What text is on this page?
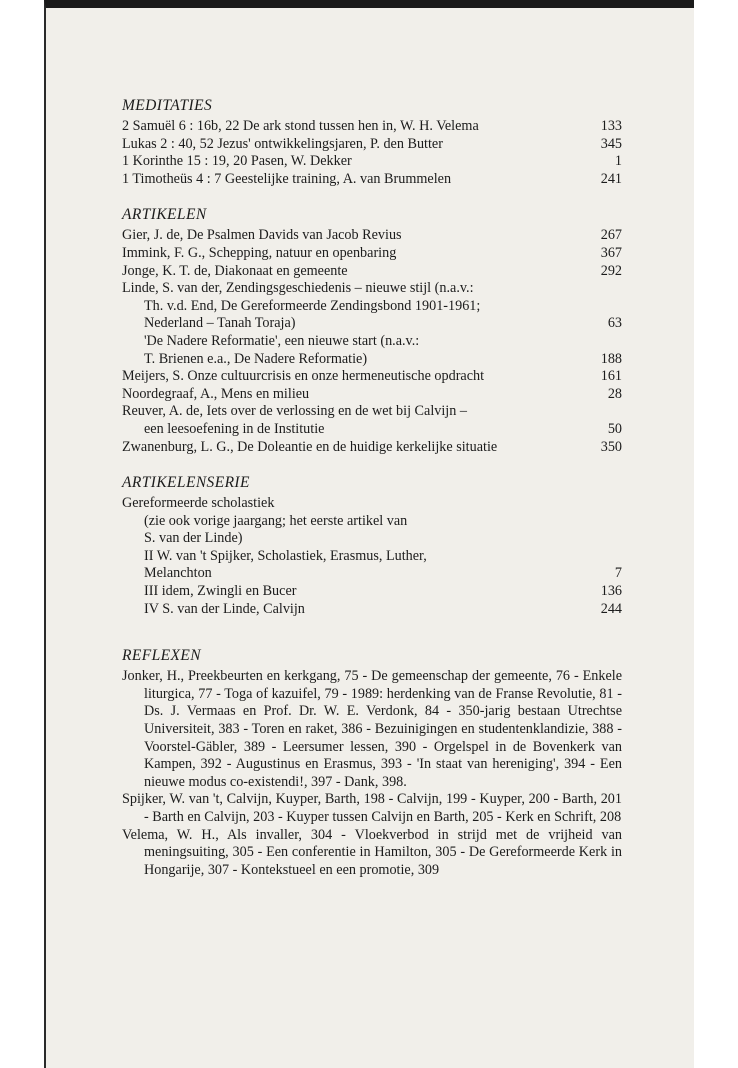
MEDITATIES

2 Samuël 6 : 16b, 22 De ark stond tussen hen in, W. H. Velema	133
Lukas 2 : 40, 52 Jezus' ontwikkelingsjaren, P. den Butter	345
1 Korinthe 15 : 19, 20 Pasen, W. Dekker	1
1 Timotheüs 4 : 7 Geestelijke training, A. van Brummelen	241

ARTIKELEN

Gier, J. de, De Psalmen Davids van Jacob Revius	267
Immink, F. G., Schepping, natuur en openbaring	367
Jonge, K. T. de, Diakonaat en gemeente	292
Linde, S. van der, Zendingsgeschiedenis – nieuwe stijl (n.a.v.:
Th. v.d. End, De Gereformeerde Zendingsbond 1901-1961;
Nederland – Tanah Toraja)	63
'De Nadere Reformatie', een nieuwe start (n.a.v.:
T. Brienen e.a., De Nadere Reformatie)	188
Meijers, S. Onze cultuurcrisis en onze hermeneutische opdracht	161
Noordegraaf, A., Mens en milieu	28
Reuver, A. de, Iets over de verlossing en de wet bij Calvijn –
een leesoefening in de Institutie	50
Zwanenburg, L. G., De Doleantie en de huidige kerkelijke situatie	350

ARTIKELENSERIE

Gereformeerde scholastiek
(zie ook vorige jaargang; het eerste artikel van
S. van der Linde)
II W. van 't Spijker, Scholastiek, Erasmus, Luther,
Melanchton	7
III idem, Zwingli en Bucer	136
IV S. van der Linde, Calvijn	244

REFLEXEN

Jonker, H., Preekbeurten en kerkgang, 75 - De gemeenschap der gemeente, 76 - Enkele liturgica, 77 - Toga of kazuifel, 79 - 1989: herdenking van de Franse Revolutie, 81 - Ds. J. Vermaas en Prof. Dr. W. E. Verdonk, 84 - 350-jarig bestaan Utrechtse Universiteit, 383 - Toren en raket, 386 - Bezuinigingen en studentenklandizie, 388 - Voorstel-Gäbler, 389 - Leersumer lessen, 390 - Orgelspel in de Bovenkerk van Kampen, 392 - Augustinus en Erasmus, 393 - 'In staat van hereniging', 394 - Een nieuwe modus co-existendi!, 397 - Dank, 398.
Spijker, W. van 't, Calvijn, Kuyper, Barth, 198 - Calvijn, 199 - Kuyper, 200 - Barth, 201 - Barth en Calvijn, 203 - Kuyper tussen Calvijn en Barth, 205 - Kerk en Schrift, 208
Velema, W. H., Als invaller, 304 - Vloekverbod in strijd met de vrijheid van meningsuiting, 305 - Een conferentie in Hamilton, 305 - De Gereformeerde Kerk in Hongarije, 307 - Kontekstueel en een promotie, 309
